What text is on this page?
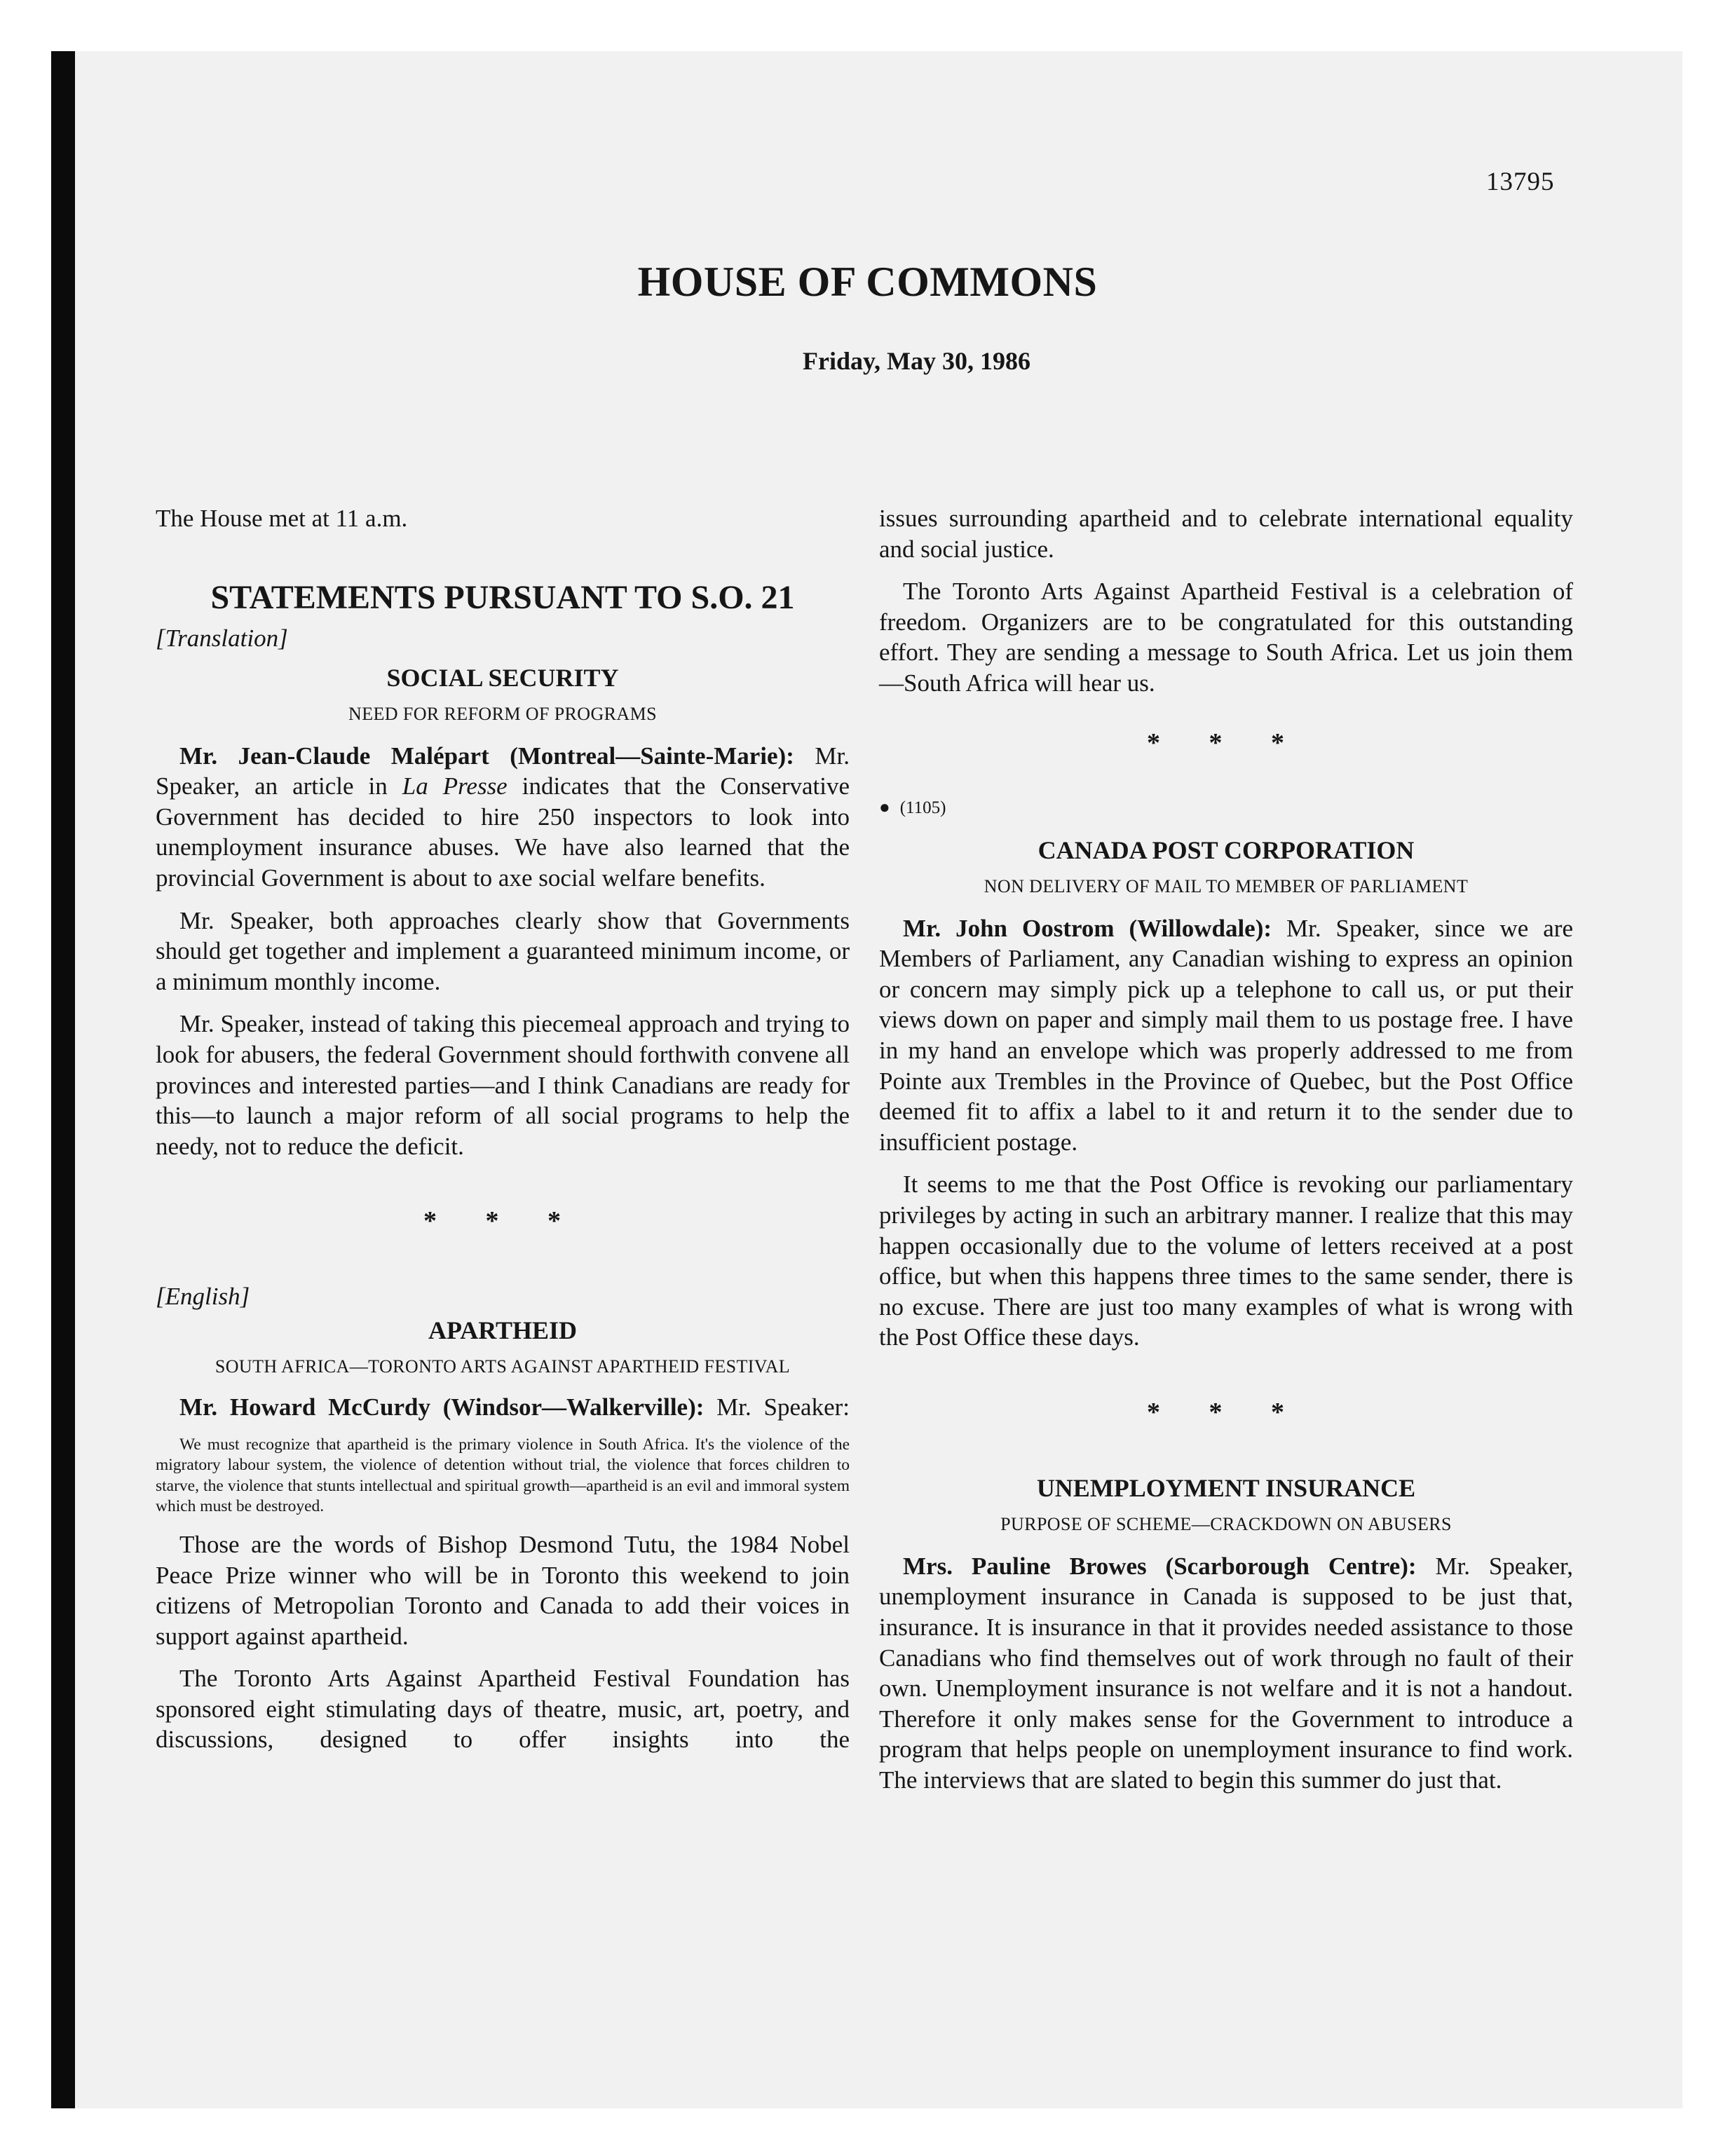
13795
HOUSE OF COMMONS
Friday, May 30, 1986

The House met at 11 a.m.

STATEMENTS PURSUANT TO S.O. 21
[Translation]
SOCIAL SECURITY
NEED FOR REFORM OF PROGRAMS

Mr. Jean-Claude Malépart (Montreal—Sainte-Marie): Mr. Speaker, an article in La Presse indicates that the Conservative Government has decided to hire 250 inspectors to look into unemployment insurance abuses. We have also learned that the provincial Government is about to axe social welfare benefits.

Mr. Speaker, both approaches clearly show that Governments should get together and implement a guaranteed minimum income, or a minimum monthly income.

Mr. Speaker, instead of taking this piecemeal approach and trying to look for abusers, the federal Government should forthwith convene all provinces and interested parties—and I think Canadians are ready for this—to launch a major reform of all social programs to help the needy, not to reduce the deficit.

* * *
[English]
APARTHEID
SOUTH AFRICA—TORONTO ARTS AGAINST APARTHEID FESTIVAL

Mr. Howard McCurdy (Windsor—Walkerville): Mr. Speaker:

We must recognize that apartheid is the primary violence in South Africa. It's the violence of the migratory labour system, the violence of detention without trial, the violence that forces children to starve, the violence that stunts intellectual and spiritual growth—apartheid is an evil and immoral system which must be destroyed.

Those are the words of Bishop Desmond Tutu, the 1984 Nobel Peace Prize winner who will be in Toronto this weekend to join citizens of Metropolian Toronto and Canada to add their voices in support against apartheid.

The Toronto Arts Against Apartheid Festival Foundation has sponsored eight stimulating days of theatre, music, art, poetry, and discussions, designed to offer insights into the

issues surrounding apartheid and to celebrate international equality and social justice.

The Toronto Arts Against Apartheid Festival is a celebration of freedom. Organizers are to be congratulated for this outstanding effort. They are sending a message to South Africa. Let us join them—South Africa will hear us.

* * *
● (1105)
CANADA POST CORPORATION
NON DELIVERY OF MAIL TO MEMBER OF PARLIAMENT

Mr. John Oostrom (Willowdale): Mr. Speaker, since we are Members of Parliament, any Canadian wishing to express an opinion or concern may simply pick up a telephone to call us, or put their views down on paper and simply mail them to us postage free. I have in my hand an envelope which was properly addressed to me from Pointe aux Trembles in the Province of Quebec, but the Post Office deemed fit to affix a label to it and return it to the sender due to insufficient postage.

It seems to me that the Post Office is revoking our parliamentary privileges by acting in such an arbitrary manner. I realize that this may happen occasionally due to the volume of letters received at a post office, but when this happens three times to the same sender, there is no excuse. There are just too many examples of what is wrong with the Post Office these days.

* * *
UNEMPLOYMENT INSURANCE
PURPOSE OF SCHEME—CRACKDOWN ON ABUSERS

Mrs. Pauline Browes (Scarborough Centre): Mr. Speaker, unemployment insurance in Canada is supposed to be just that, insurance. It is insurance in that it provides needed assistance to those Canadians who find themselves out of work through no fault of their own. Unemployment insurance is not welfare and it is not a handout. Therefore it only makes sense for the Government to introduce a program that helps people on unemployment insurance to find work. The interviews that are slated to begin this summer do just that.
